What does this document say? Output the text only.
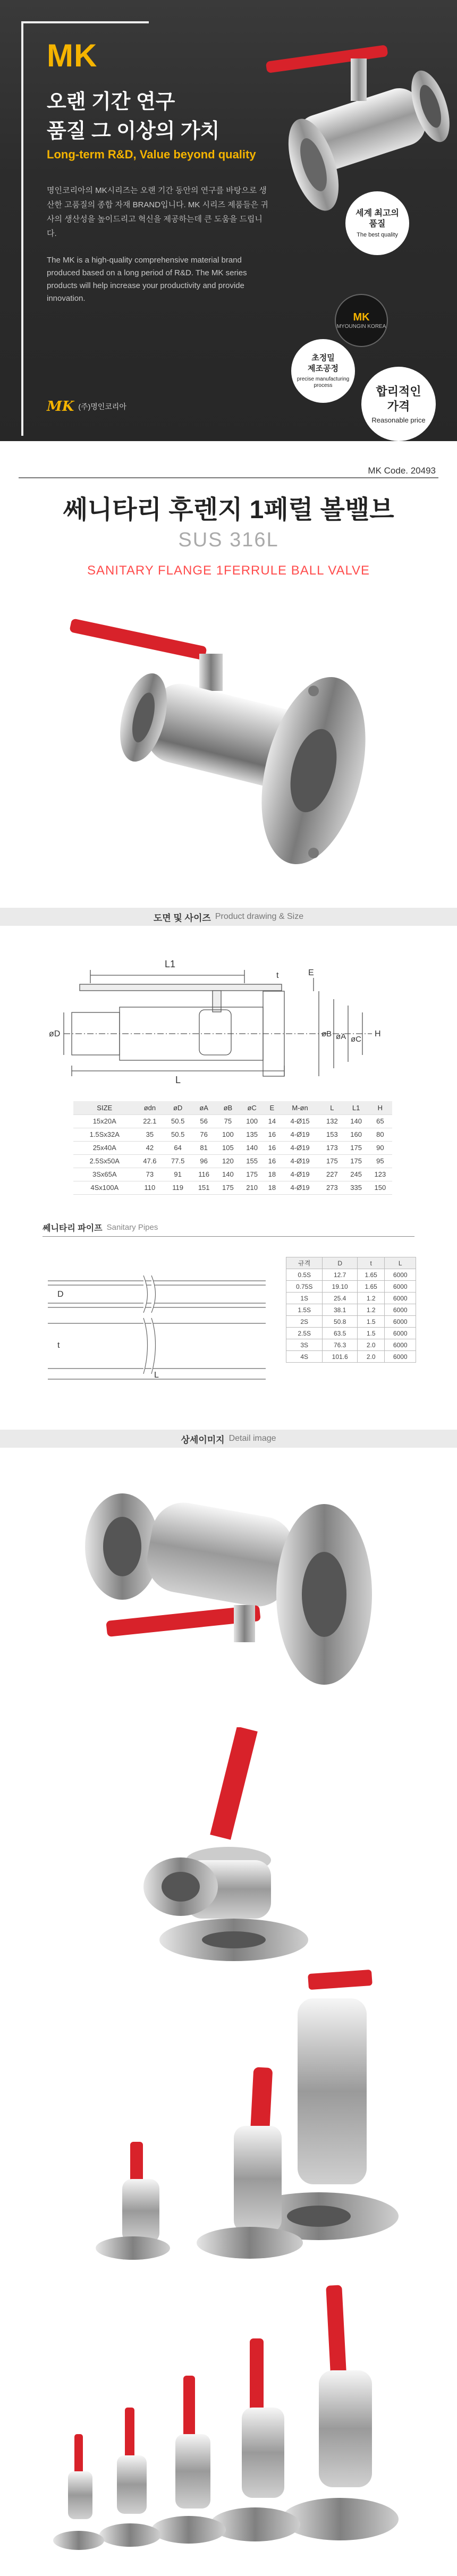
MK
오랜 기간 연구
품질 그 이상의 가치
Long-term R&D, Value beyond quality
명인코리아의 MK시리즈는 오랜 기간 동안의 연구를 바탕으로 생산한 고품질의 종합 자재 BRAND입니다. MK 시리즈 제품들은 귀사의 생산성을 높이드리고 혁신을 제공하는데 큰 도움을 드립니다.
The MK is a high-quality comprehensive material brand produced based on a long period of R&D. The MK series products will help increase your productivity and provide innovation.
MK (주)명인코리아
세계 최고의
품질
The best quality
MK
MYOUNGIN KOREA
초정밀
제조공정
precise manufacturing process	합리적인
가격
Reasonable price
MK Code. 20493
쎄니타리 후렌지 1페럴 볼밸브
SUS 316L
SANITARY FLANGE 1FERRULE BALL VALVE
도면 및 사이즈 Product drawing & Size
L1
L
t
øD	øB øA øC
H
E
SIZE	ødn	øD	øA	øB	øC	E	M-øn	L	L1	H
15x20A	22.1	50.5	56	75	100	14	4-Ø15	132	140	65
1.5Sx32A	35	50.5	76	100	135	16	4-Ø19	153	160	80
25x40A	42	64	81	105	140	16	4-Ø19	173	175	90
2.5Sx50A	47.6	77.5	96	120	155	16	4-Ø19	175	175	95
3Sx65A	73	91	116	140	175	18	4-Ø19	227	245	123
4Sx100A	110	119	151	175	210	18	4-Ø19	273	335	150
쎄니타리 파이프 Sanitary Pipes
D
t
L
규격	D	t	L
0.5S	12.7	1.65	6000
0.75S	19.10	1.65	6000
1S	25.4	1.2	6000
1.5S	38.1	1.2	6000
2S	50.8	1.5	6000
2.5S	63.5	1.5	6000
3S	76.3	2.0	6000
4S	101.6	2.0	6000
상세이미지 Detail image
